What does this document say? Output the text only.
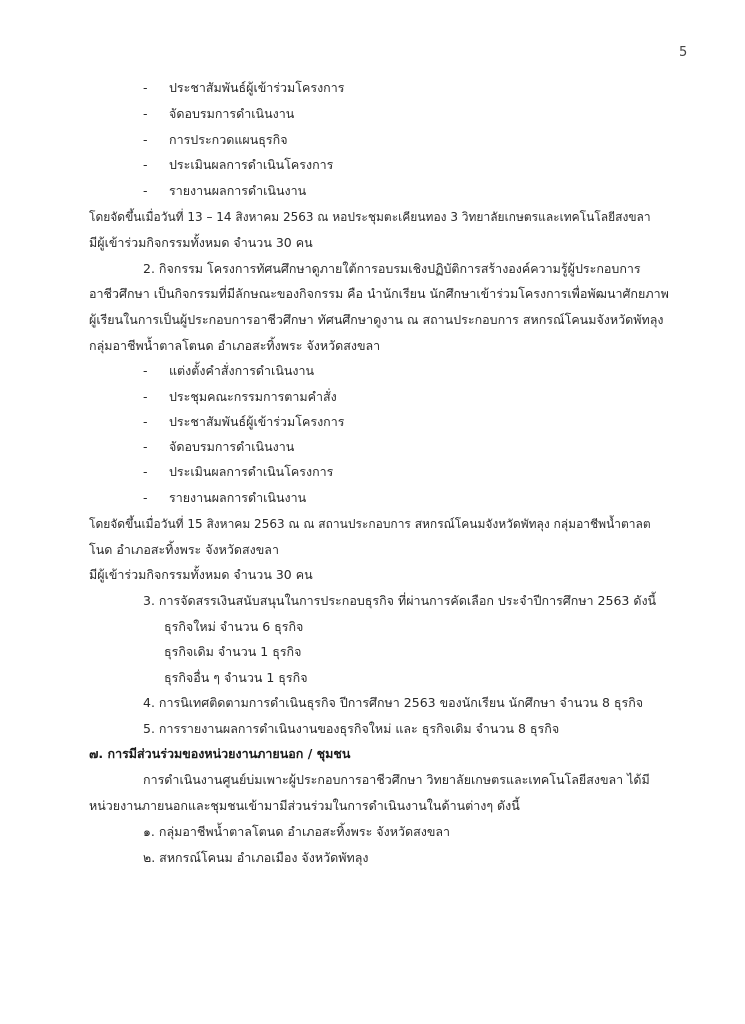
5
- ประชาสัมพันธ์ผู้เข้าร่วมโครงการ
- จัดอบรมการดำเนินงาน
- การประกวดแผนธุรกิจ
- ประเมินผลการดำเนินโครงการ
- รายงานผลการดำเนินงาน
โดยจัดขึ้นเมื่อวันที่ 13 – 14 สิงหาคม 2563 ณ หอประชุมตะเคียนทอง 3 วิทยาลัยเกษตรและเทคโนโลยีสงขลา
มีผู้เข้าร่วมกิจกรรมทั้งหมด จำนวน 30 คน
2. กิจกรรม โครงการทัศนศึกษาดูภายใต้การอบรมเชิงปฏิบัติการสร้างองค์ความรู้ผู้ประกอบการ
อาชีวศึกษา เป็นกิจกรรมที่มีลักษณะของกิจกรรม คือ นำนักเรียน นักศึกษาเข้าร่วมโครงการเพื่อพัฒนาศักยภาพ
ผู้เรียนในการเป็นผู้ประกอบการอาชีวศึกษา ทัศนศึกษาดูงาน ณ สถานประกอบการ สหกรณ์โคนมจังหวัดพัทลุง
กลุ่มอาชีพน้ำตาลโตนด อำเภอสะทิ้งพระ จังหวัดสงขลา
- แต่งตั้งคำสั่งการดำเนินงาน
- ประชุมคณะกรรมการตามคำสั่ง
- ประชาสัมพันธ์ผู้เข้าร่วมโครงการ
- จัดอบรมการดำเนินงาน
- ประเมินผลการดำเนินโครงการ
- รายงานผลการดำเนินงาน
โดยจัดขึ้นเมื่อวันที่ 15 สิงหาคม 2563 ณ ณ สถานประกอบการ สหกรณ์โคนมจังหวัดพัทลุง กลุ่มอาชีพน้ำตาลต
โนด อำเภอสะทิ้งพระ จังหวัดสงขลา
มีผู้เข้าร่วมกิจกรรมทั้งหมด จำนวน 30 คน
3. การจัดสรรเงินสนับสนุนในการประกอบธุรกิจ ที่ผ่านการคัดเลือก ประจำปีการศึกษา 2563 ดังนี้
ธุรกิจใหม่ จำนวน 6 ธุรกิจ
ธุรกิจเดิม จำนวน 1 ธุรกิจ
ธุรกิจอื่น ๆ จำนวน 1 ธุรกิจ
4. การนิเทศติดตามการดำเนินธุรกิจ ปีการศึกษา 2563 ของนักเรียน นักศึกษา จำนวน 8 ธุรกิจ
5. การรายงานผลการดำเนินงานของธุรกิจใหม่ และ ธุรกิจเดิม จำนวน 8 ธุรกิจ
๗. การมีส่วนร่วมของหน่วยงานภายนอก / ชุมชน
การดำเนินงานศูนย์บ่มเพาะผู้ประกอบการอาชีวศึกษา วิทยาลัยเกษตรและเทคโนโลยีสงขลา ได้มี
หน่วยงานภายนอกและชุมชนเข้ามามีส่วนร่วมในการดำเนินงานในด้านต่างๆ ดังนี้
๑. กลุ่มอาชีพน้ำตาลโตนด อำเภอสะทิ้งพระ จังหวัดสงขลา
๒. สหกรณ์โคนม อำเภอเมือง จังหวัดพัทลุง
